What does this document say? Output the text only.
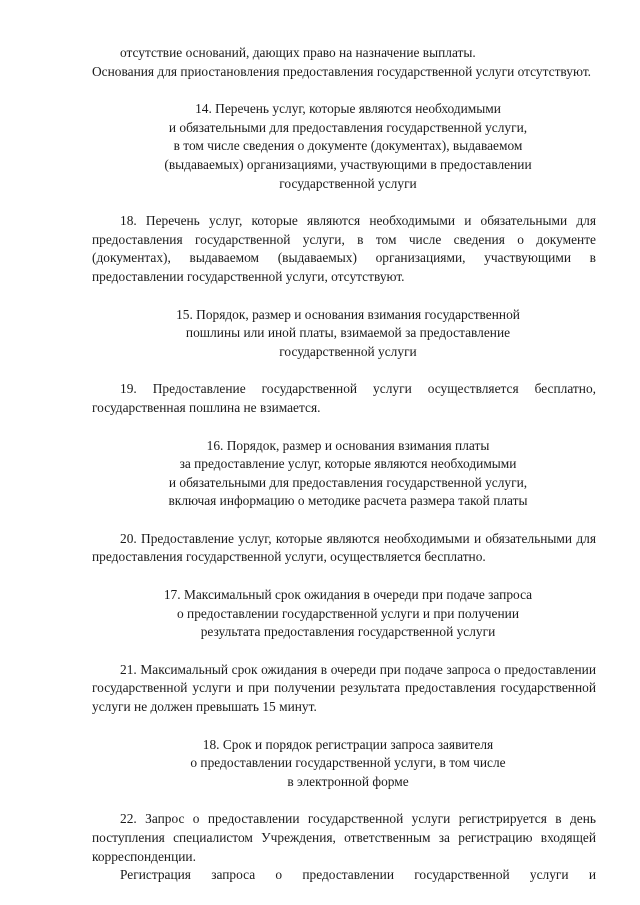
отсутствие оснований, дающих право на назначение выплаты.

Основания для приостановления предоставления государственной услуги отсутствуют.

14. Перечень услуг, которые являются необходимыми
и обязательными для предоставления государственной услуги,
в том числе сведения о документе (документах), выдаваемом
(выдаваемых) организациями, участвующими в предоставлении
государственной услуги

18. Перечень услуг, которые являются необходимыми и обязательными для предоставления государственной услуги, в том числе сведения о документе (документах), выдаваемом (выдаваемых) организациями, участвующими в предоставлении государственной услуги, отсутствуют.

15. Порядок, размер и основания взимания государственной
пошлины или иной платы, взимаемой за предоставление
государственной услуги

19. Предоставление государственной услуги осуществляется бесплатно, государственная пошлина не взимается.

16. Порядок, размер и основания взимания платы
за предоставление услуг, которые являются необходимыми
и обязательными для предоставления государственной услуги,
включая информацию о методике расчета размера такой платы

20. Предоставление услуг, которые являются необходимыми и обязательными для предоставления государственной услуги, осуществляется бесплатно.

17. Максимальный срок ожидания в очереди при подаче запроса
о предоставлении государственной услуги и при получении
результата предоставления государственной услуги

21. Максимальный срок ожидания в очереди при подаче запроса о предоставлении государственной услуги и при получении результата предоставления государственной услуги не должен превышать 15 минут.

18. Срок и порядок регистрации запроса заявителя
о предоставлении государственной услуги, в том числе
в электронной форме

22. Запрос о предоставлении государственной услуги регистрируется в день поступления специалистом Учреждения, ответственным за регистрацию входящей корреспонденции.

Регистрация запроса о предоставлении государственной услуги и
